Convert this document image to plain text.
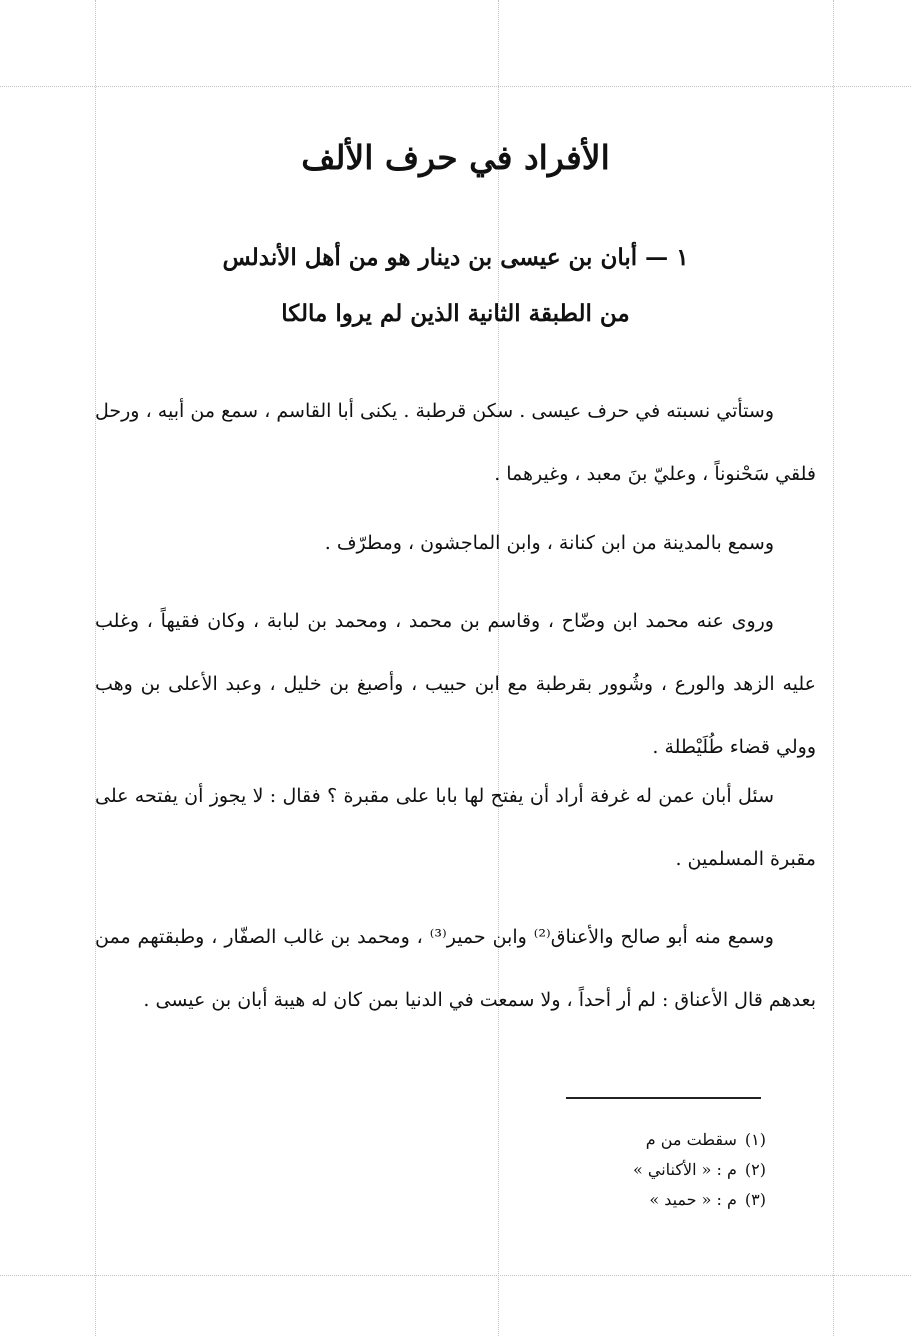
الأفراد في حرف الألف
١ — أبان بن عيسى بن دينار هو من أهل الأندلس
من الطبقة الثانية الذين لم يروا مالكا

وستأتي نسبته في حرف عيسى . سكن قرطبة . يكنى أبا القاسم ، سمع من أبيه ، ورحل فلقي سَحْنوناً ، وعليّ بنَ معبد ، وغيرهما .

وسمع بالمدينة من ابن كنانة ، وابن الماجشون ، ومطرّف .

وروى عنه محمد ابن وضّاح ، وقاسم بن محمد ، ومحمد بن لبابة ، وكان فقيهاً ، وغلب عليه الزهد والورع ، وشُوور بقرطبة مع ابن حبيب ، وأصبغ بن خليل ، وعبد الأعلى بن وهب وولي قضاء طُلَيْطلة .

سئل أبان عمن له غرفة أراد أن يفتح لها بابا على مقبرة ؟ فقال : لا يجوز أن يفتحه على مقبرة المسلمين .

وسمع منه أبو صالح والأعناق⁽²⁾ وابن حمير⁽³⁾ ، ومحمد بن غالب الصفّار ، وطبقتهم ممن بعدهم قال الأعناق : لم أر أحداً ، ولا سمعت في الدنيا بمن كان له هيبة أبان بن عيسى .

(١)سقطت من م
(٢)م : « الأكناني »
(٣)م : « حميد »
